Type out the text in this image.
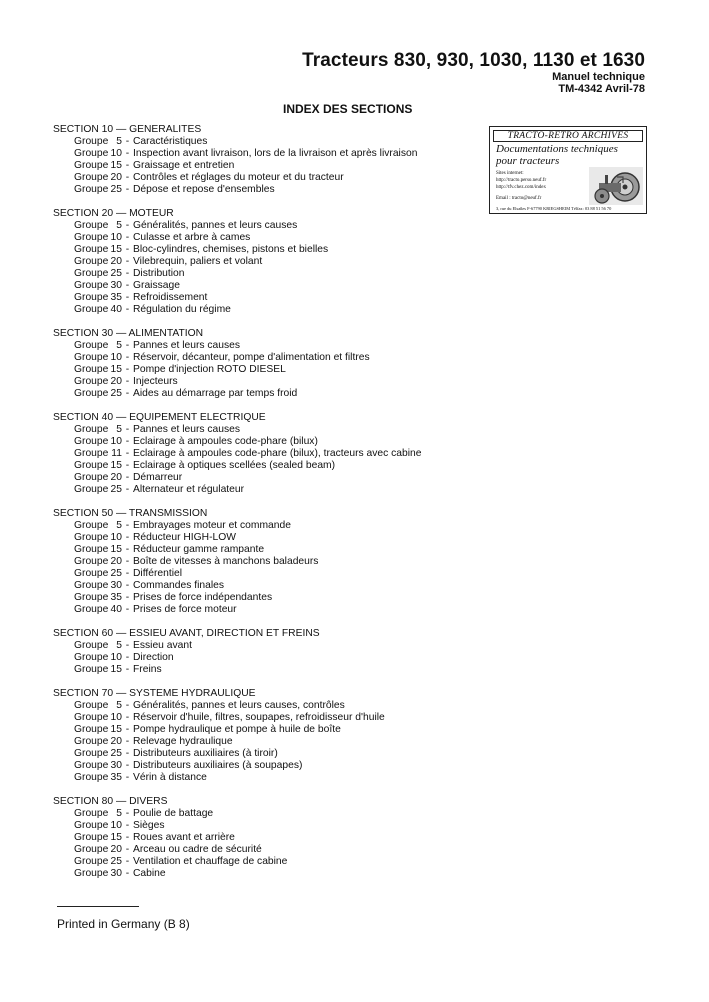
Tracteurs 830, 930, 1030, 1130 et 1630
Manuel technique
TM-4342 Avril-78
INDEX DES SECTIONS
SECTION 10 — GENERALITES
Groupe 5 - Caractéristiques
Groupe 10 - Inspection avant livraison, lors de la livraison et après livraison
Groupe 15 - Graissage et entretien
Groupe 20 - Contrôles et réglages du moteur et du tracteur
Groupe 25 - Dépose et repose d'ensembles
SECTION 20 — MOTEUR
Groupe 5 - Généralités, pannes et leurs causes
Groupe 10 - Culasse et arbre à cames
Groupe 15 - Bloc-cylindres, chemises, pistons et bielles
Groupe 20 - Vilebrequin, paliers et volant
Groupe 25 - Distribution
Groupe 30 - Graissage
Groupe 35 - Refroidissement
Groupe 40 - Régulation du régime
SECTION 30 — ALIMENTATION
Groupe 5 - Pannes et leurs causes
Groupe 10 - Réservoir, décanteur, pompe d'alimentation et filtres
Groupe 15 - Pompe d'injection ROTO DIESEL
Groupe 20 - Injecteurs
Groupe 25 - Aides au démarrage par temps froid
SECTION 40 — EQUIPEMENT ELECTRIQUE
Groupe 5 - Pannes et leurs causes
Groupe 10 - Eclairage à ampoules code-phare (bilux)
Groupe 11 - Eclairage à ampoules code-phare (bilux), tracteurs avec cabine
Groupe 15 - Eclairage à optiques scellées (sealed beam)
Groupe 20 - Démarreur
Groupe 25 - Alternateur et régulateur
SECTION 50 — TRANSMISSION
Groupe 5 - Embrayages moteur et commande
Groupe 10 - Réducteur HIGH-LOW
Groupe 15 - Réducteur gamme rampante
Groupe 20 - Boîte de vitesses à manchons baladeurs
Groupe 25 - Différentiel
Groupe 30 - Commandes finales
Groupe 35 - Prises de force indépendantes
Groupe 40 - Prises de force moteur
SECTION 60 — ESSIEU AVANT, DIRECTION ET FREINS
Groupe 5 - Essieu avant
Groupe 10 - Direction
Groupe 15 - Freins
SECTION 70 — SYSTEME HYDRAULIQUE
Groupe 5 - Généralités, pannes et leurs causes, contrôles
Groupe 10 - Réservoir d'huile, filtres, soupapes, refroidisseur d'huile
Groupe 15 - Pompe hydraulique et pompe à huile de boîte
Groupe 20 - Relevage hydraulique
Groupe 25 - Distributeurs auxiliaires (à tiroir)
Groupe 30 - Distributeurs auxiliaires (à soupapes)
Groupe 35 - Vérin à distance
SECTION 80 — DIVERS
Groupe 5 - Poulie de battage
Groupe 10 - Sièges
Groupe 15 - Roues avant et arrière
Groupe 20 - Arceau ou cadre de sécurité
Groupe 25 - Ventilation et chauffage de cabine
Groupe 30 - Cabine
TRACTO-RETRO ARCHIVES
Documentations techniques
pour tracteurs
Sites internet:
http://tracto.perso.neuf.fr
http://tfv.chez.com/index
Email : tracto@neuf.fr
3, rue du Elsaßes F-67790 KRIEGSHEIM Télfax: 03 88 51 56 70
Printed in Germany (B 8)
